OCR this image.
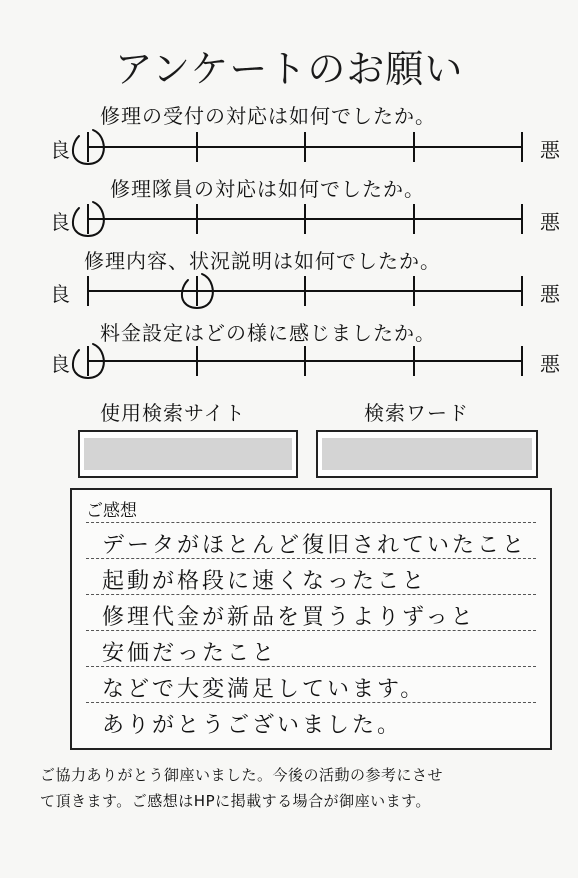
アンケートのお願い
修理の受付の対応は如何でしたか。
良	悪
修理隊員の対応は如何でしたか。
良	悪
修理内容、状況説明は如何でしたか。
良	悪
料金設定はどの様に感じましたか。
良	悪
使用検索サイト	検索ワード
ご感想
データがほとんど復旧されていたこと
起動が格段に速くなったこと
修理代金が新品を買うよりずっと
安価だったこと
などで大変満足しています。
ありがとうございました。
ご協力ありがとう御座いました。今後の活動の参考にさせ
て頂きます。ご感想はHPに掲載する場合が御座います。
